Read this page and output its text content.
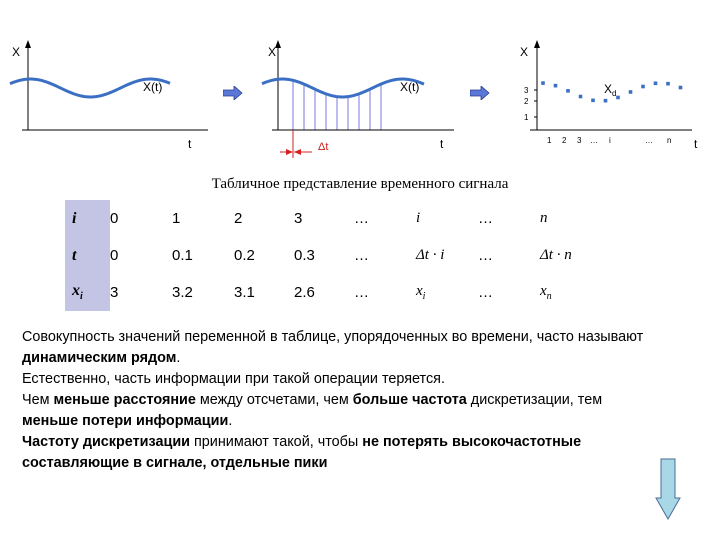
X
t
X(t)
X
t
X(t)
Δt
X
t
3
2
1
1 2 3 … i	… n
$X_d$
Табличное представление временного сигнала
i	0	1	2	3	…	i	…	n
t	0	0.1	0.2	0.3	…	Δt · i	…	Δt · n
$x_i$	3	3.2	3.1	2.6	…	$x_i$	…	$x_n$

Совокупность значений переменной в таблице, упорядоченных во времени, часто называют динамическим рядом.

Естественно, часть информации при такой операции теряется.

Чем меньше расстояние между отсчетами, чем больше частота дискретизации, тем меньше потери информации.

Частоту дискретизации принимают такой, чтобы не потерять высокочастотные составляющие в сигнале, отдельные пики
